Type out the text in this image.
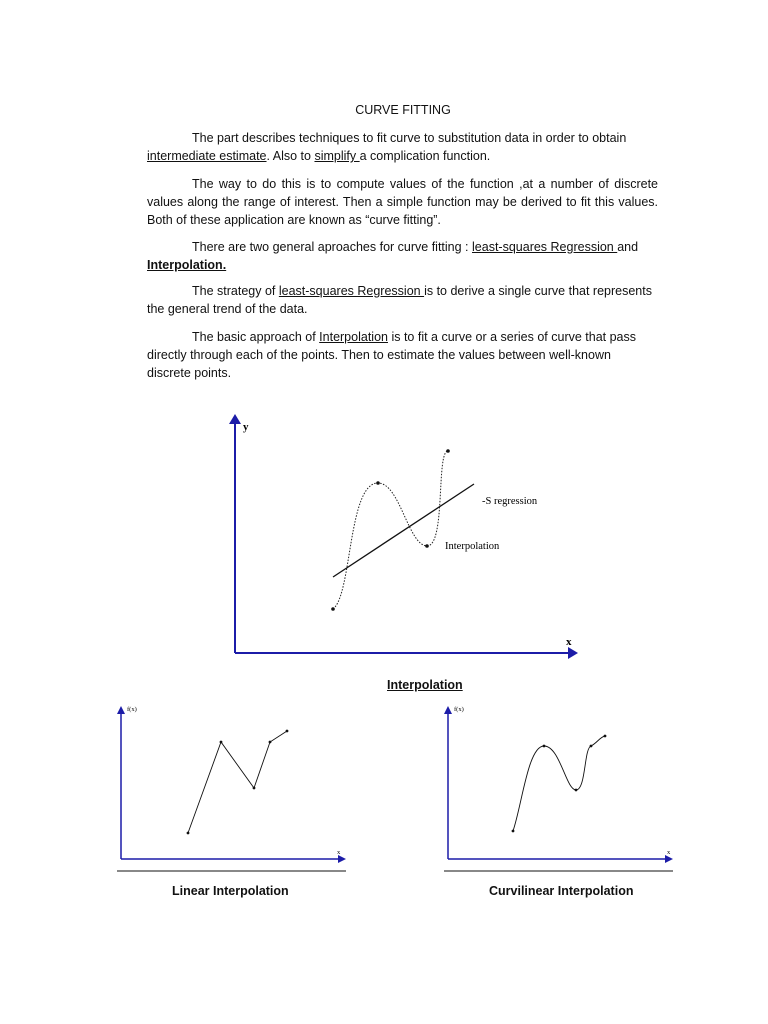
CURVE FITTING

The part describes techniques to fit curve to substitution data in order to obtain intermediate estimate. Also to simplify a complication function.

The way to do this is to compute values of the function ,at a number of discrete values along the range of interest. Then a simple function may be derived to fit this values. Both of these application are known as “curve fitting”.

There are two general aproaches for curve fitting : least-squares Regression and Interpolation.

The strategy of least-squares Regression is to derive a single curve that represents the general trend of the data.

The basic approach of Interpolation is to fit a curve or a series of curve that pass directly through each of the points. Then to estimate the values between well-known discrete points.

y
x
-S regression
Interpolation
Interpolation
f(x)
x
Linear Interpolation
f(x)
x
Curvilinear Interpolation
